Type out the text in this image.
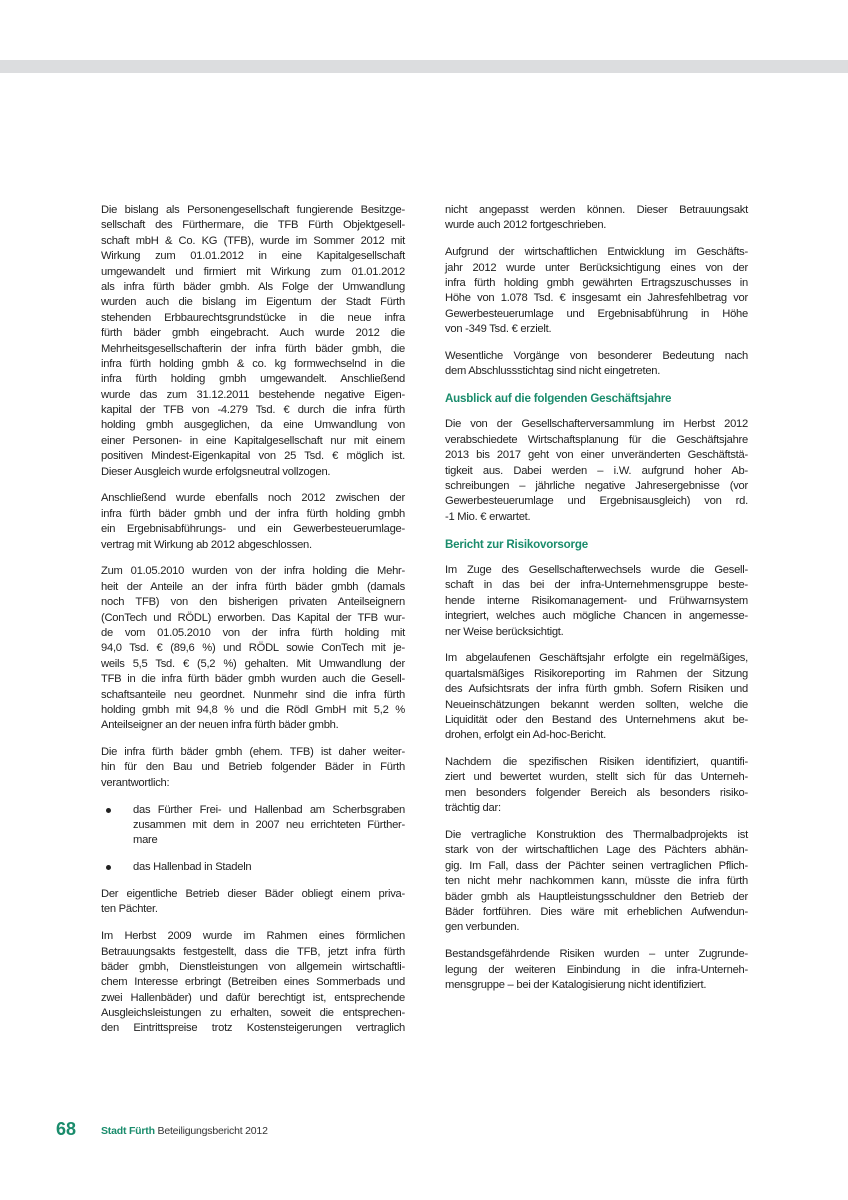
Die bislang als Personengesellschaft fungierende Besitzge-
sellschaft des Fürthermare, die TFB Fürth Objektgesell-
schaft mbH & Co. KG (TFB), wurde im Sommer 2012 mit
Wirkung zum 01.01.2012 in eine Kapitalgesellschaft
umgewandelt und firmiert mit Wirkung zum 01.01.2012
als infra fürth bäder gmbh. Als Folge der Umwandlung
wurden auch die bislang im Eigentum der Stadt Fürth
stehenden Erbbaurechtsgrundstücke in die neue infra
fürth bäder gmbh eingebracht. Auch wurde 2012 die
Mehrheitsgesellschafterin der infra fürth bäder gmbh, die
infra fürth holding gmbh & co. kg formwechselnd in die
infra fürth holding gmbh umgewandelt. Anschließend
wurde das zum 31.12.2011 bestehende negative Eigen-
kapital der TFB von -4.279 Tsd. € durch die infra fürth
holding gmbh ausgeglichen, da eine Umwandlung von
einer Personen- in eine Kapitalgesellschaft nur mit einem
positiven Mindest-Eigenkapital von 25 Tsd. € möglich ist.
Dieser Ausgleich wurde erfolgsneutral vollzogen.
Anschließend wurde ebenfalls noch 2012 zwischen der
infra fürth bäder gmbh und der infra fürth holding gmbh
ein Ergebnisabführungs- und ein Gewerbesteuerumlage-
vertrag mit Wirkung ab 2012 abgeschlossen.
Zum 01.05.2010 wurden von der infra holding die Mehr-
heit der Anteile an der infra fürth bäder gmbh (damals
noch TFB) von den bisherigen privaten Anteilseignern
(ConTech und RÖDL) erworben. Das Kapital der TFB wur-
de vom 01.05.2010 von der infra fürth holding mit
94,0 Tsd. € (89,6 %) und RÖDL sowie ConTech mit je-
weils 5,5 Tsd. € (5,2 %) gehalten. Mit Umwandlung der
TFB in die infra fürth bäder gmbh wurden auch die Gesell-
schaftsanteile neu geordnet. Nunmehr sind die infra fürth
holding gmbh mit 94,8 % und die Rödl GmbH mit 5,2 %
Anteilseigner an der neuen infra fürth bäder gmbh.
Die infra fürth bäder gmbh (ehem. TFB) ist daher weiter-
hin für den Bau und Betrieb folgender Bäder in Fürth
verantwortlich:
das Fürther Frei- und Hallenbad am Scherbsgraben
zusammen mit dem in 2007 neu errichteten Fürther-
mare
das Hallenbad in Stadeln
Der eigentliche Betrieb dieser Bäder obliegt einem priva-
ten Pächter.
Im Herbst 2009 wurde im Rahmen eines förmlichen
Betrauungsakts festgestellt, dass die TFB, jetzt infra fürth
bäder gmbh, Dienstleistungen von allgemein wirtschaftli-
chem Interesse erbringt (Betreiben eines Sommerbads und
zwei Hallenbäder) und dafür berechtigt ist, entsprechende
Ausgleichsleistungen zu erhalten, soweit die entsprechen-
den Eintrittspreise trotz Kostensteigerungen vertraglich
nicht angepasst werden können. Dieser Betrauungsakt
wurde auch 2012 fortgeschrieben.
Aufgrund der wirtschaftlichen Entwicklung im Geschäfts-
jahr 2012 wurde unter Berücksichtigung eines von der
infra fürth holding gmbh gewährten Ertragszuschusses in
Höhe von 1.078 Tsd. € insgesamt ein Jahresfehlbetrag vor
Gewerbesteuerumlage und Ergebnisabführung in Höhe
von -349 Tsd. € erzielt.
Wesentliche Vorgänge von besonderer Bedeutung nach
dem Abschlussstichtag sind nicht eingetreten.
Ausblick auf die folgenden Geschäftsjahre
Die von der Gesellschafterversammlung im Herbst 2012
verabschiedete Wirtschaftsplanung für die Geschäftsjahre
2013 bis 2017 geht von einer unveränderten Geschäftstä-
tigkeit aus. Dabei werden – i.W. aufgrund hoher Ab-
schreibungen – jährliche negative Jahresergebnisse (vor
Gewerbesteuerumlage und Ergebnisausgleich) von rd.
-1 Mio. € erwartet.
Bericht zur Risikovorsorge
Im Zuge des Gesellschafterwechsels wurde die Gesell-
schaft in das bei der infra-Unternehmensgruppe beste-
hende interne Risikomanagement- und Frühwarnsystem
integriert, welches auch mögliche Chancen in angemesse-
ner Weise berücksichtigt.
Im abgelaufenen Geschäftsjahr erfolgte ein regelmäßiges,
quartalsmäßiges Risikoreporting im Rahmen der Sitzung
des Aufsichtsrats der infra fürth gmbh. Sofern Risiken und
Neueinschätzungen bekannt werden sollten, welche die
Liquidität oder den Bestand des Unternehmens akut be-
drohen, erfolgt ein Ad-hoc-Bericht.
Nachdem die spezifischen Risiken identifiziert, quantifi-
ziert und bewertet wurden, stellt sich für das Unterneh-
men besonders folgender Bereich als besonders risiko-
trächtig dar:
Die vertragliche Konstruktion des Thermalbadprojekts ist
stark von der wirtschaftlichen Lage des Pächters abhän-
gig. Im Fall, dass der Pächter seinen vertraglichen Pflich-
ten nicht mehr nachkommen kann, müsste die infra fürth
bäder gmbh als Hauptleistungsschuldner den Betrieb der
Bäder fortführen. Dies wäre mit erheblichen Aufwendun-
gen verbunden.
Bestandsgefährdende Risiken wurden – unter Zugrunde-
legung der weiteren Einbindung in die infra-Unterneh-
mensgruppe – bei der Katalogisierung nicht identifiziert.
68 Stadt Fürth Beteiligungsbericht 2012
